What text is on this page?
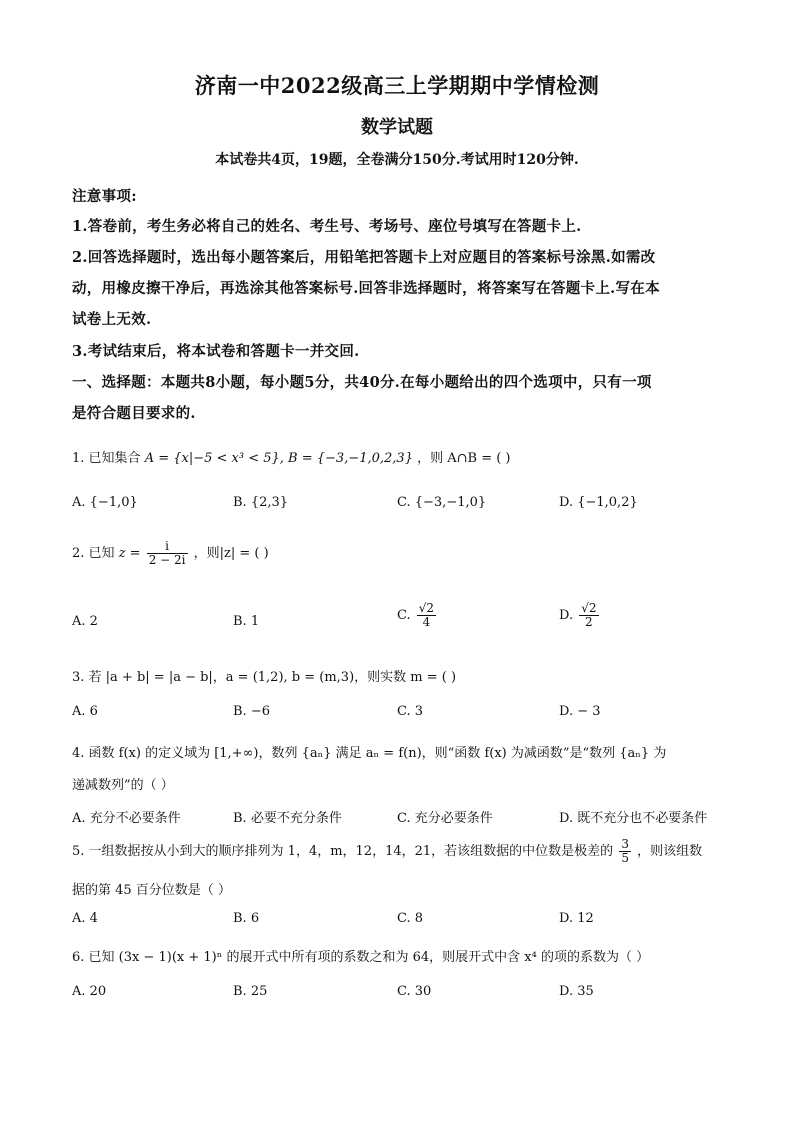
济南一中2022级高三上学期期中学情检测
数学试题
本试卷共4页，19题，全卷满分150分.考试用时120分钟.
注意事项:
1.答卷前，考生务必将自己的姓名、考生号、考场号、座位号填写在答题卡上.
2.回答选择题时，选出每小题答案后，用铅笔把答题卡上对应题目的答案标号涂黑.如需改
动，用橡皮擦干净后，再选涂其他答案标号.回答非选择题时，将答案写在答题卡上.写在本
试卷上无效.
3.考试结束后，将本试卷和答题卡一并交回.
一、选择题：本题共8小题，每小题5分，共40分.在每小题给出的四个选项中，只有一项
是符合题目要求的.
1. 已知集合 A = {x|−5 < x³ < 5}, B = {−3,−1,0,2,3} ，则 A∩B = ( )
A. {−1,0}	B. {2,3}	C. {−3,−1,0}	D. {−1,0,2}
2. 已知 $z = \frac{i}{2 - 2i}$ ，则|z| = ( )
A. 2	B. 1	C. $\frac{√2}{4}$	D. $\frac{√2}{2}$
3. 若 |a + b| = |a − b|，a = (1,2), b = (m,3)，则实数 m = ( )
A. 6	B. −6	C. 3	D. − 3
4. 函数 f(x) 的定义域为 [1,+∞)，数列 {aₙ} 满足 aₙ = f(n)，则“函数 f(x) 为减函数”是“数列 {aₙ} 为
递减数列”的（ ）
A. 充分不必要条件	B. 必要不充分条件	C. 充分必要条件	D. 既不充分也不必要条件
5. 一组数据按从小到大的顺序排列为 1，4，m，12，14，21，若该组数据的中位数是极差的 $\frac{3}{5}$ ，则该组数
据的第 45 百分位数是（ ）
A. 4	B. 6	C. 8	D. 12
6. 已知 (3x − 1)(x + 1)ⁿ 的展开式中所有项的系数之和为 64，则展开式中含 x⁴ 的项的系数为（ ）
A. 20	B. 25	C. 30	D. 35
